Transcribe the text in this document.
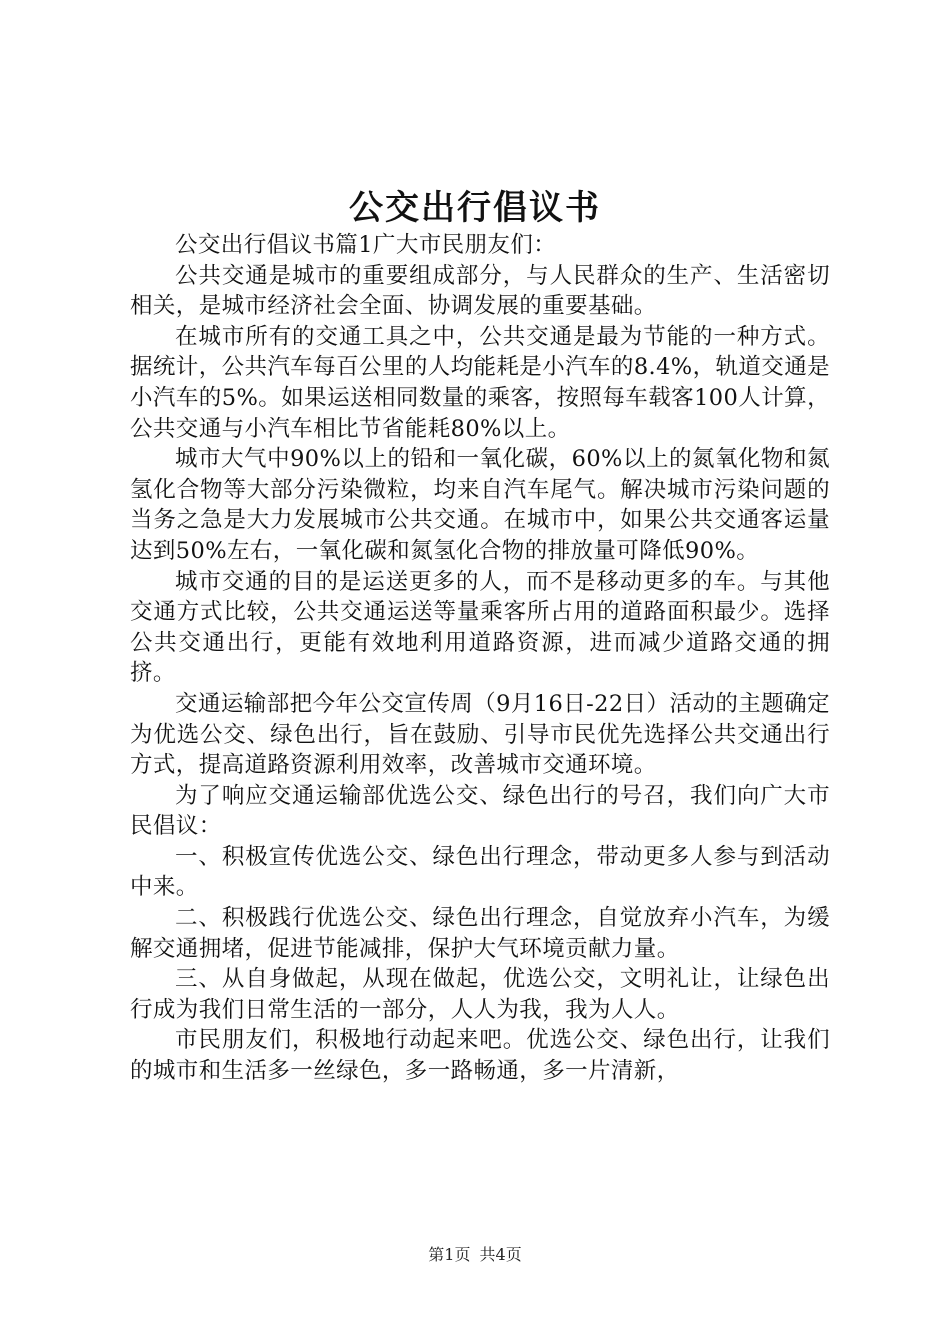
公交出行倡议书

公交出行倡议书篇1广大市民朋友们：

公共交通是城市的重要组成部分，与人民群众的生产、生活密切相关，是城市经济社会全面、协调发展的重要基础。

在城市所有的交通工具之中，公共交通是最为节能的一种方式。据统计，公共汽车每百公里的人均能耗是小汽车的8.4%，轨道交通是小汽车的5%。如果运送相同数量的乘客，按照每车载客100人计算，公共交通与小汽车相比节省能耗80%以上。

城市大气中90%以上的铅和一氧化碳，60%以上的氮氧化物和氮氢化合物等大部分污染微粒，均来自汽车尾气。解决城市污染问题的当务之急是大力发展城市公共交通。在城市中，如果公共交通客运量达到50%左右，一氧化碳和氮氢化合物的排放量可降低90%。

城市交通的目的是运送更多的人，而不是移动更多的车。与其他交通方式比较，公共交通运送等量乘客所占用的道路面积最少。选择公共交通出行，更能有效地利用道路资源，进而减少道路交通的拥挤。

交通运输部把今年公交宣传周（9月16日-22日）活动的主题确定为优选公交、绿色出行，旨在鼓励、引导市民优先选择公共交通出行方式，提高道路资源利用效率，改善城市交通环境。

为了响应交通运输部优选公交、绿色出行的号召，我们向广大市民倡议：

一、积极宣传优选公交、绿色出行理念，带动更多人参与到活动中来。

二、积极践行优选公交、绿色出行理念，自觉放弃小汽车，为缓解交通拥堵，促进节能减排，保护大气环境贡献力量。

三、从自身做起，从现在做起，优选公交，文明礼让，让绿色出行成为我们日常生活的一部分，人人为我，我为人人。

市民朋友们，积极地行动起来吧。优选公交、绿色出行，让我们的城市和生活多一丝绿色，多一路畅通，多一片清新，

第1页 共4页
